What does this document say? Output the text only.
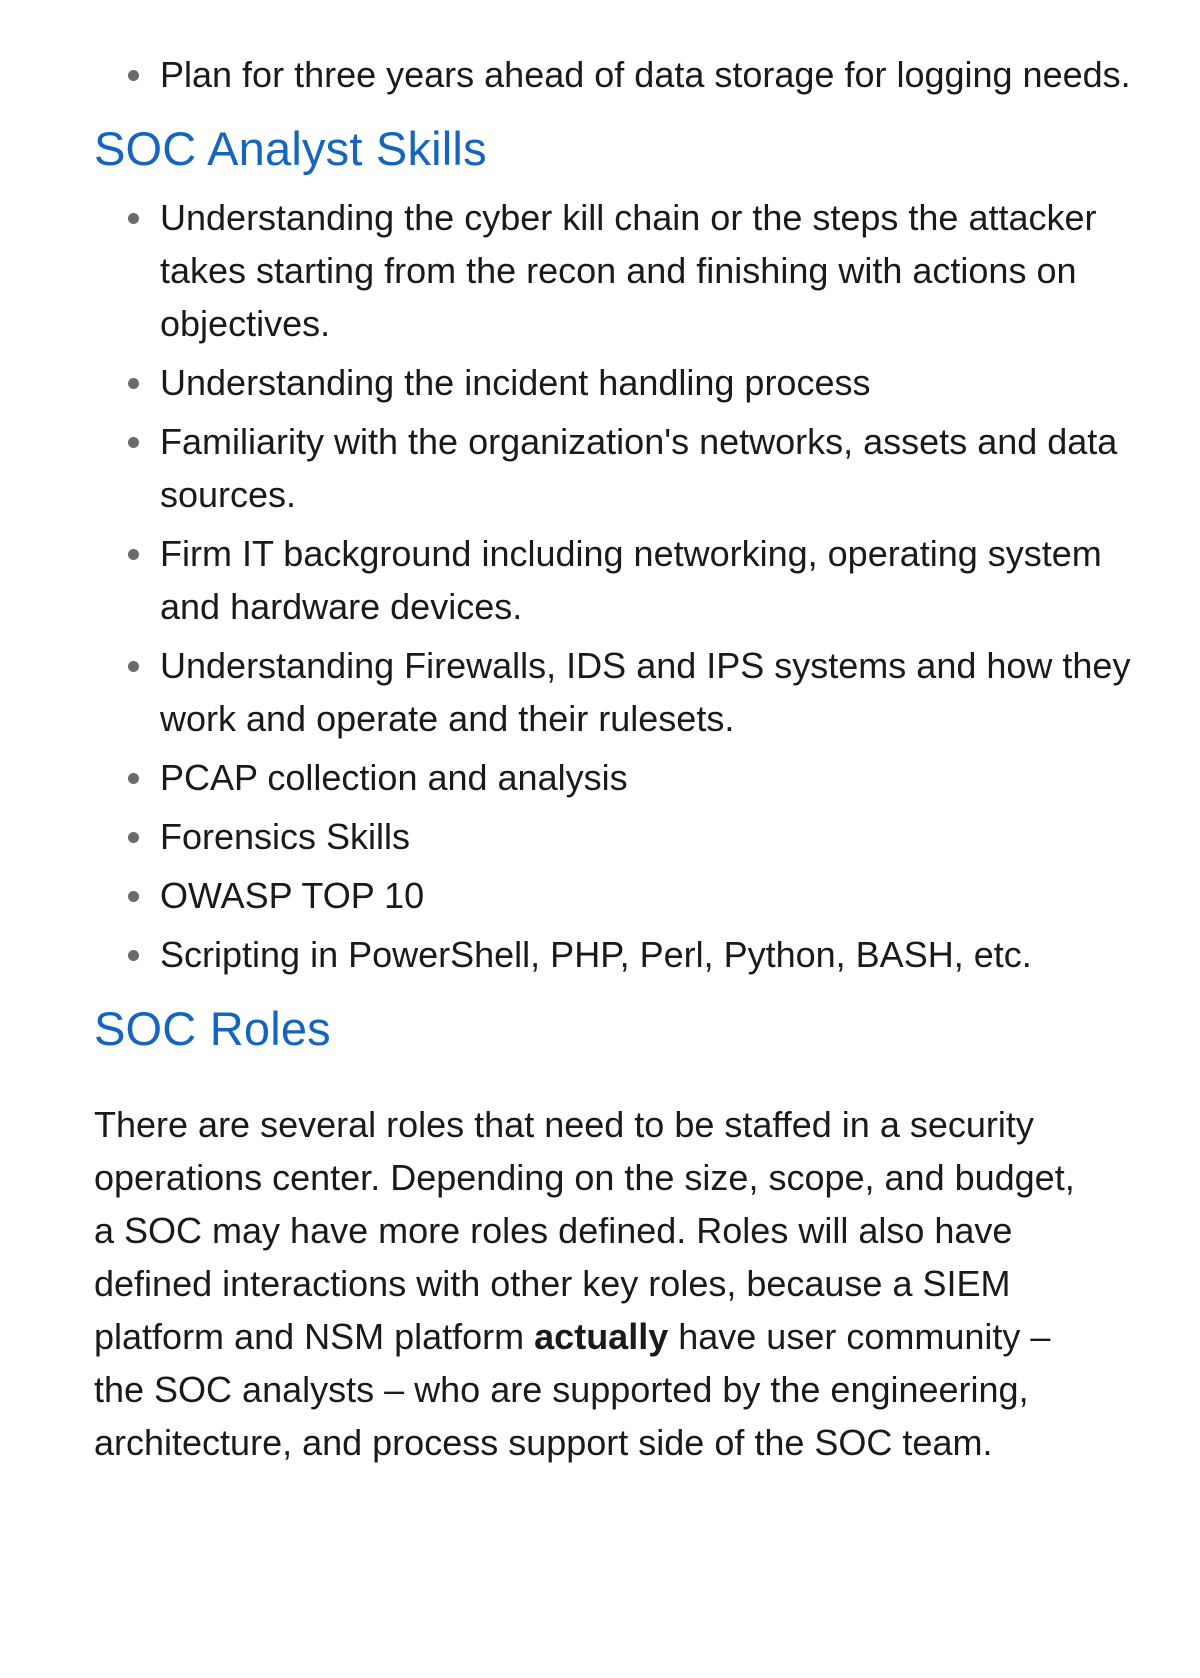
Plan for three years ahead of data storage for logging needs.
SOC Analyst Skills
Understanding the cyber kill chain or the steps the attacker takes starting from the recon and finishing with actions on objectives.
Understanding the incident handling process
Familiarity with the organization's networks, assets and data sources.
Firm IT background including networking, operating system and hardware devices.
Understanding Firewalls, IDS and IPS systems and how they work and operate and their rulesets.
PCAP collection and analysis
Forensics Skills
OWASP TOP 10
Scripting in PowerShell, PHP, Perl, Python, BASH, etc.
SOC Roles

There are several roles that need to be staffed in a security operations center. Depending on the size, scope, and budget, a SOC may have more roles defined. Roles will also have defined interactions with other key roles, because a SIEM platform and NSM platform actually have user community – the SOC analysts – who are supported by the engineering, architecture, and process support side of the SOC team.
